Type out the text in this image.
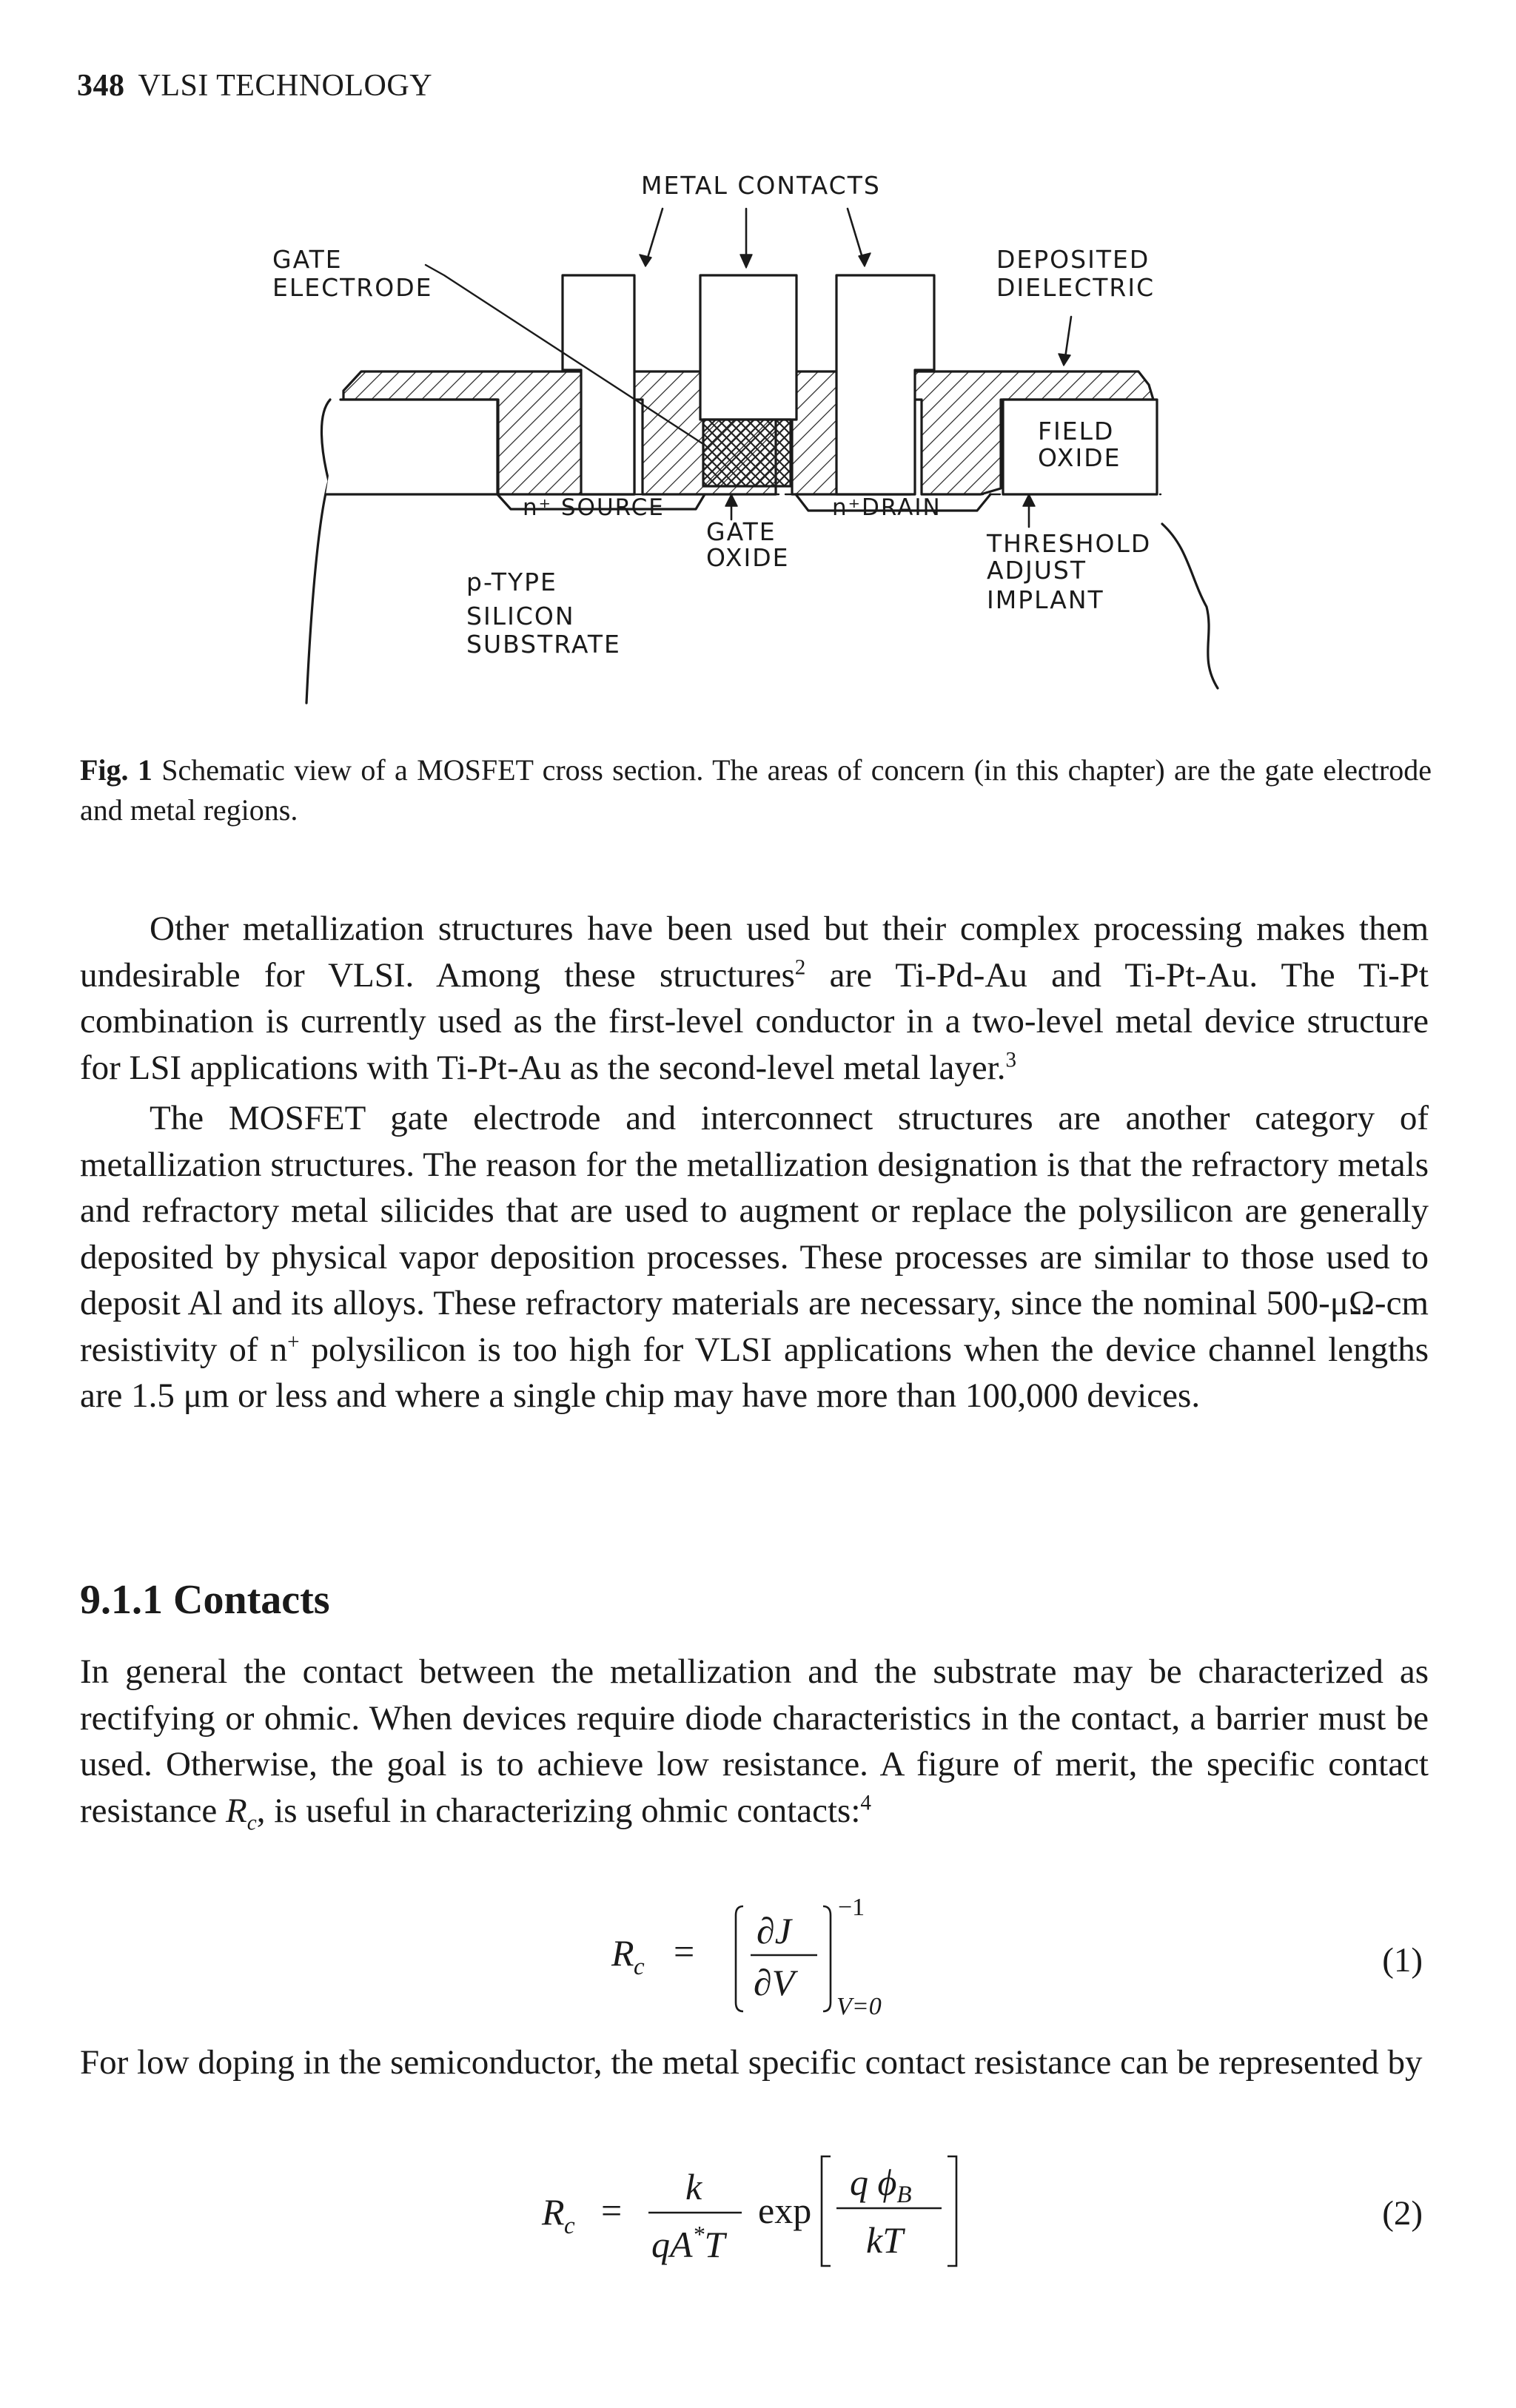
348 VLSI TECHNOLOGY
METAL CONTACTS
GATE
ELECTRODE
DEPOSITED
DIELECTRIC
FIELD
OXIDE
n⁺ SOURCE	n⁺DRAIN
GATE
OXIDE	THRESHOLD
ADJUST
IMPLANT
p-TYPE
SILICON
SUBSTRATE
Fig. 1 Schematic view of a MOSFET cross section. The areas of concern (in this chapter) are the gate electrode and metal regions.

Other metallization structures have been used but their complex processing makes them undesirable for VLSI. Among these structures$^2$ are Ti-Pd-Au and Ti-Pt-Au. The Ti-Pt combination is currently used as the first-level conductor in a two-level metal device structure for LSI applications with Ti-Pt-Au as the second-level metal layer.$^3$

The MOSFET gate electrode and interconnect structures are another category of metallization structures. The reason for the metallization designation is that the refractory metals and refractory metal silicides that are used to augment or replace the polysilicon are generally deposited by physical vapor deposition processes. These processes are similar to those used to deposit Al and its alloys. These refractory materials are necessary, since the nominal 500-μΩ-cm resistivity of n+ polysilicon is too high for VLSI applications when the device channel lengths are 1.5 μm or less and where a single chip may have more than 100,000 devices.

9.1.1 Contacts

In general the contact between the metallization and the substrate may be characterized as rectifying or ohmic. When devices require diode characteristics in the contact, a barrier must be used. Otherwise, the goal is to achieve low resistance. A figure of merit, the specific contact resistance $R_c$, is useful in characterizing ohmic contacts:$^4$

R c = ∂J
∂V
−1
V=0
(1)

For low doping in the semiconductor, the metal specific contact resistance can be represented by

R c =
k
qA*T
exp
q $\phi_B$
kT
(2)
